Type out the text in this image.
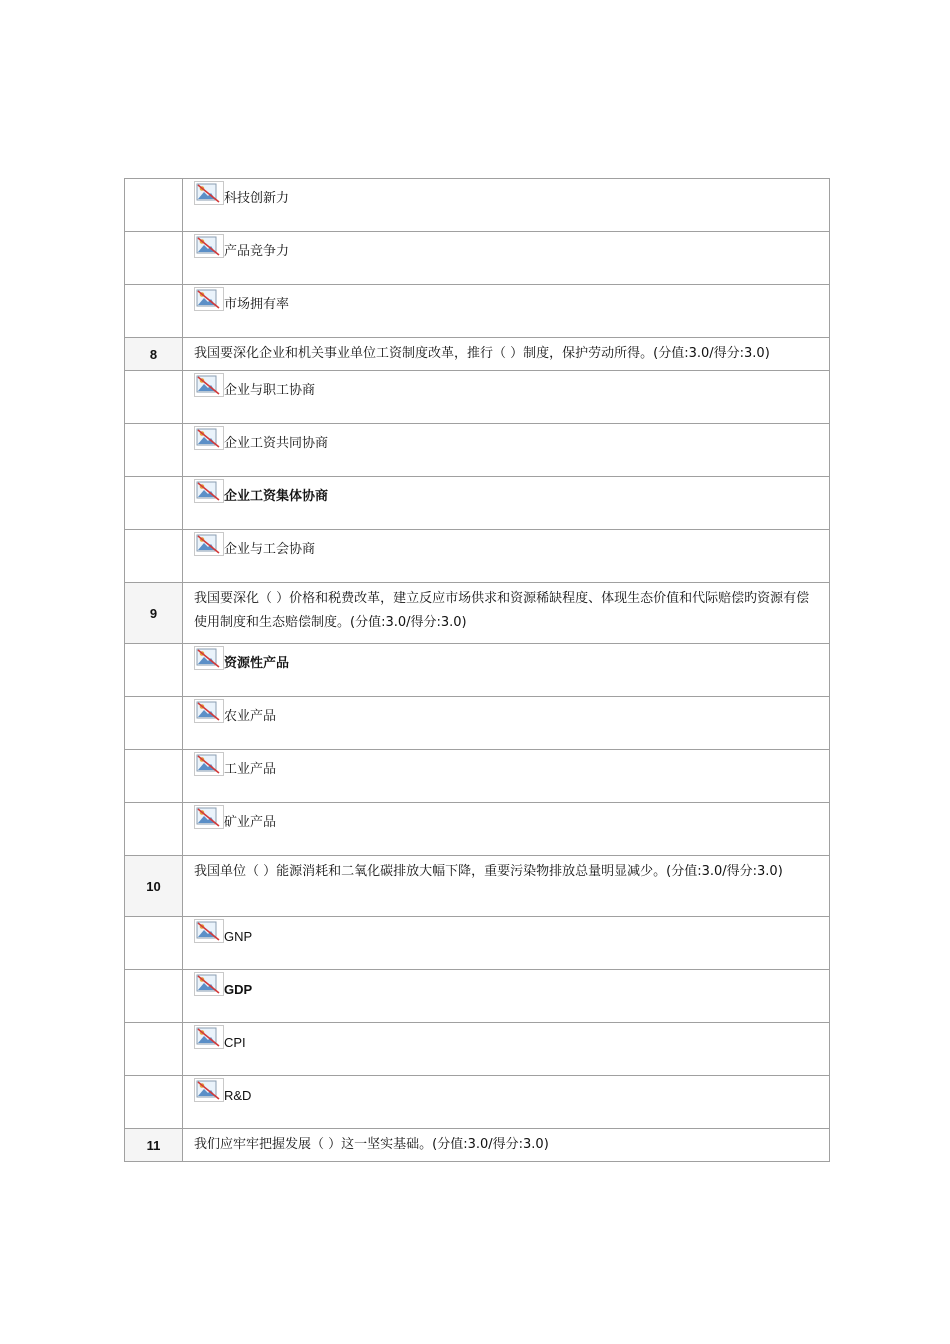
科技创新力

产品竞争力

市场拥有率

8	我国要深化企业和机关事业单位工资制度改革，推行（ ）制度，保护劳动所得。(分值:3.0/得分:3.0)

企业与职工协商

企业工资共同协商

企业工资集体协商

企业与工会协商

9	我国要深化（ ）价格和税费改革，建立反应市场供求和资源稀缺程度、体现生态价值和代际赔偿旳资源有偿使用制度和生态赔偿制度。(分值:3.0/得分:3.0)

资源性产品

农业产品

工业产品

矿业产品

10	我国单位（ ）能源消耗和二氧化碳排放大幅下降，重要污染物排放总量明显减少。(分值:3.0/得分:3.0)

GNP

GDP

CPI

R&D

11	我们应牢牢把握发展（ ）这一坚实基础。(分值:3.0/得分:3.0)
